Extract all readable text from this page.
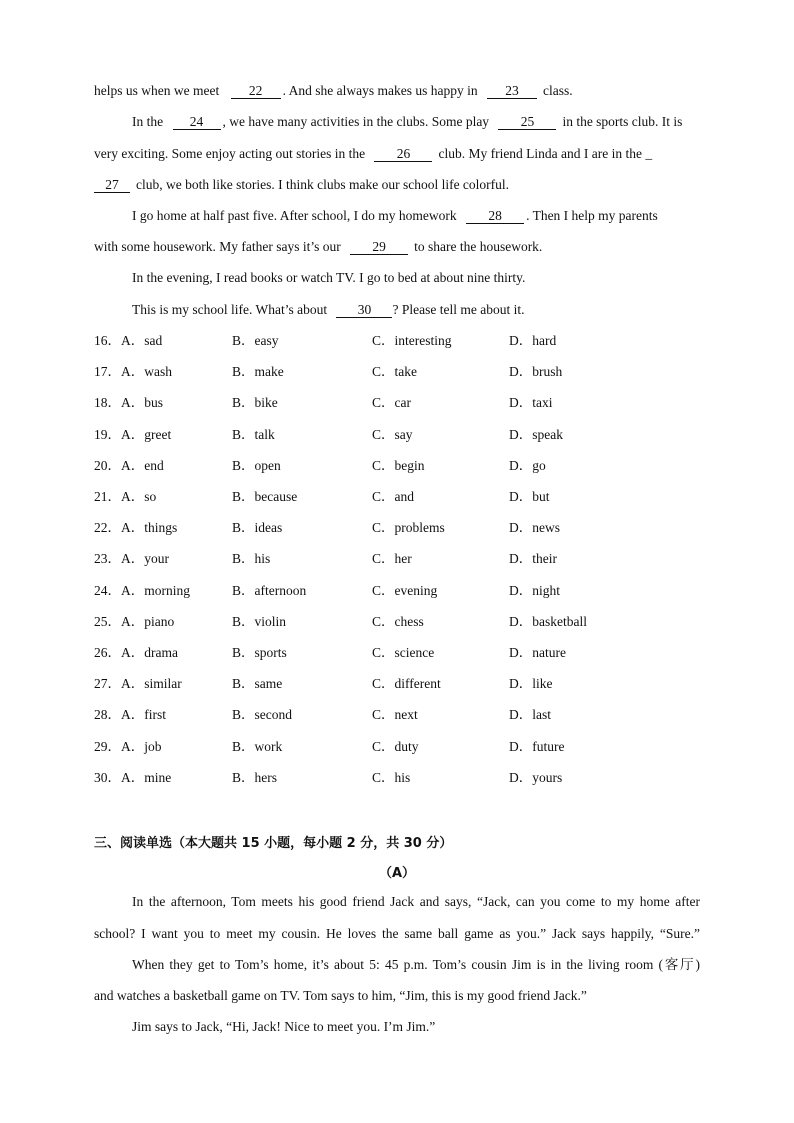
helps us when we meet 22 . And she always makes us happy in 23 class.
In the 24 , we have many activities in the clubs. Some play 25 in the sports club. It is
very exciting. Some enjoy acting out stories in the 26 club. My friend Linda and I are in the _
27 club, we both like stories. I think clubs make our school life colorful.
I go home at half past five. After school, I do my homework 28 . Then I help my parents
with some housework. My father says it’s our 29 to share the housework.
In the evening, I read books or watch TV. I go to bed at about nine thirty.
This is my school life. What’s about 30 ? Please tell me about it.
16． A．sad	B．easy	C．interesting	D．hard
17． A．wash	B．make	C．take	D．brush
18． A．bus	B．bike	C．car	D．taxi
19． A．greet	B．talk	C．say	D．speak
20． A．end	B．open	C．begin	D．go
21． A．so	B．because	C．and	D．but
22． A．things	B．ideas	C．problems	D．news
23． A．your	B．his	C．her	D．their
24． A．morning	B．afternoon	C．evening	D．night
25． A．piano	B．violin	C．chess	D．basketball
26． A．drama	B．sports	C．science	D．nature
27． A．similar	B．same	C．different	D．like
28． A．first	B．second	C．next	D．last
29． A．job	B．work	C．duty	D．future
30． A．mine	B．hers	C．his	D．yours
三、阅读单选（本大题共 15 小题，每小题 2 分，共 30 分）
（A）
In the afternoon, Tom meets his good friend Jack and says, “Jack, can you come to my home after
school? I want you to meet my cousin. He loves the same ball game as you.” Jack says happily, “Sure.”
When they get to Tom’s home, it’s about 5: 45 p.m. Tom’s cousin Jim is in the living room (客厅)
and watches a basketball game on TV. Tom says to him, “Jim, this is my good friend Jack.”
Jim says to Jack, “Hi, Jack! Nice to meet you. I’m Jim.”
